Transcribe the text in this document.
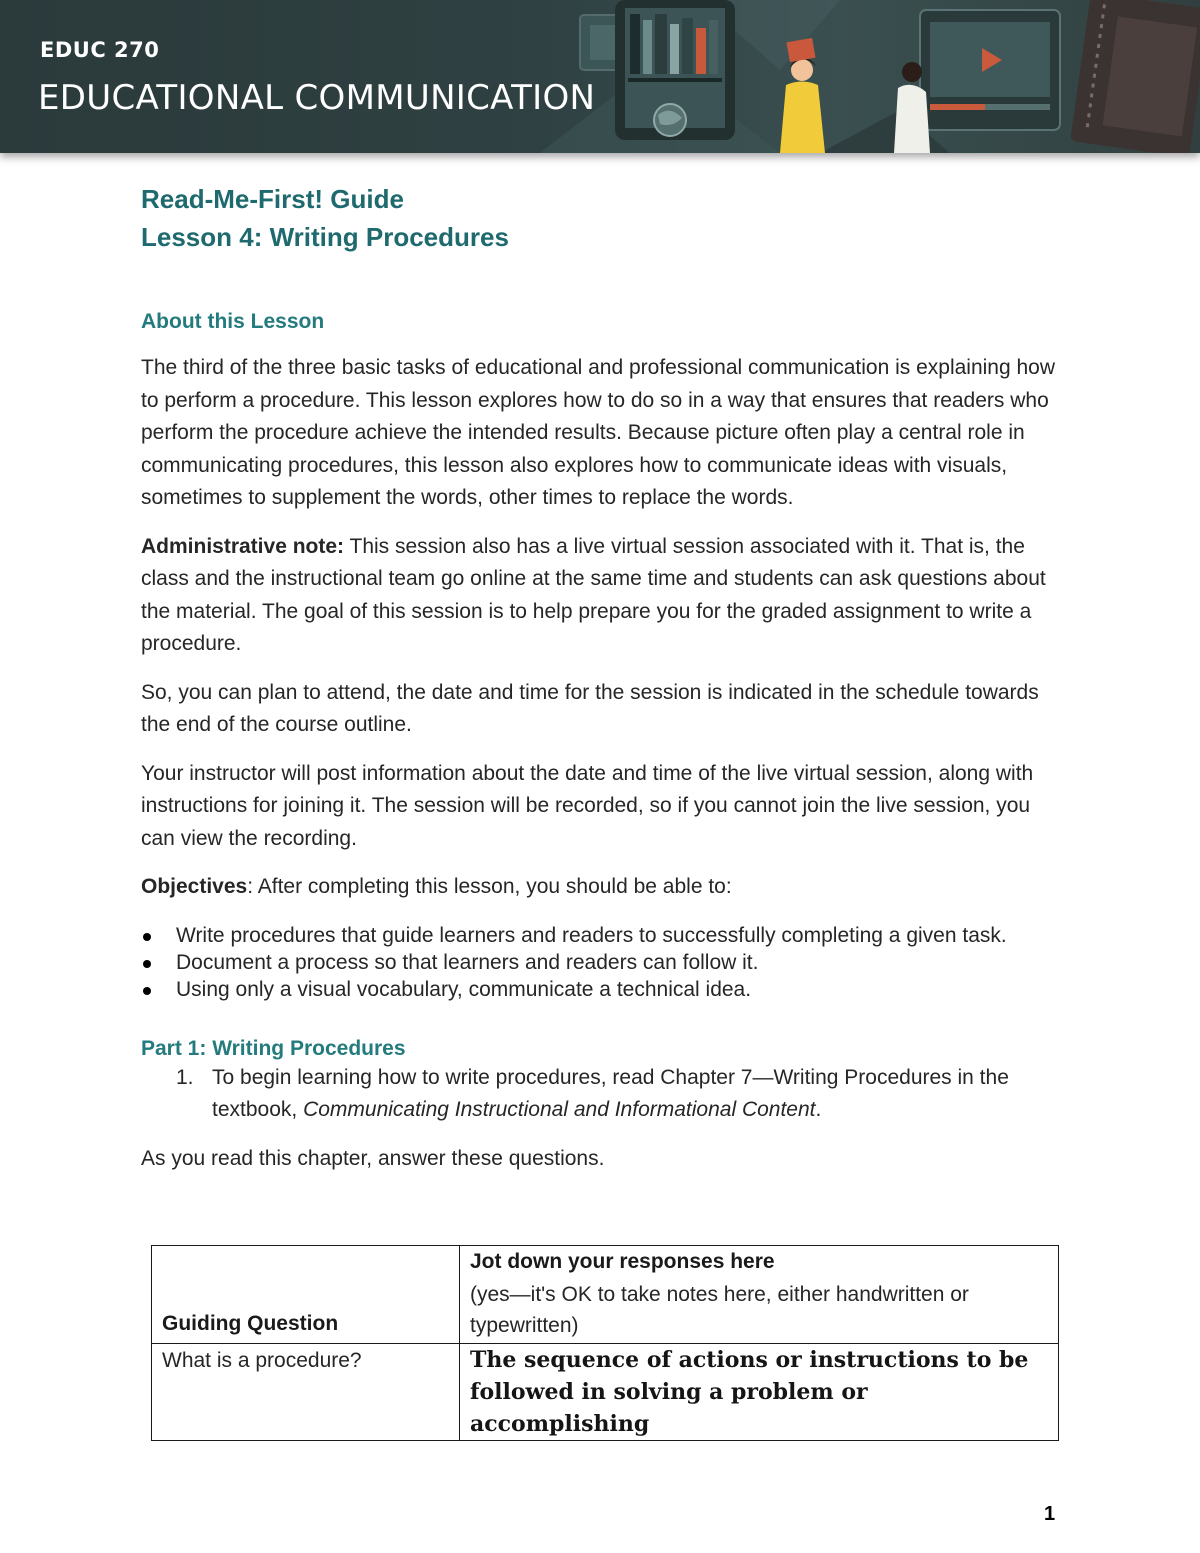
EDUC 270
EDUCATIONAL COMMUNICATION
Read-Me-First! Guide
Lesson 4: Writing Procedures
About this Lesson

The third of the three basic tasks of educational and professional communication is explaining how to perform a procedure. This lesson explores how to do so in a way that ensures that readers who perform the procedure achieve the intended results. Because picture often play a central role in communicating procedures, this lesson also explores how to communicate ideas with visuals, sometimes to supplement the words, other times to replace the words.

Administrative note: This session also has a live virtual session associated with it. That is, the class and the instructional team go online at the same time and students can ask questions about the material. The goal of this session is to help prepare you for the graded assignment to write a procedure.

So, you can plan to attend, the date and time for the session is indicated in the schedule towards the end of the course outline.

Your instructor will post information about the date and time of the live virtual session, along with instructions for joining it. The session will be recorded, so if you cannot join the live session, you can view the recording.

Objectives: After completing this lesson, you should be able to:

Write procedures that guide learners and readers to successfully completing a given task.
Document a process so that learners and readers can follow it.
Using only a visual vocabulary, communicate a technical idea.
Part 1: Writing Procedures
1. To begin learning how to write procedures, read Chapter 7—Writing Procedures in the textbook, Communicating Instructional and Informational Content.

As you read this chapter, answer these questions.

Guiding Question	Jot down your responses here
(yes—it's OK to take notes here, either handwritten or typewritten)

What is a procedure?	The sequence of actions or instructions to be followed in solving a problem or accomplishing
1
